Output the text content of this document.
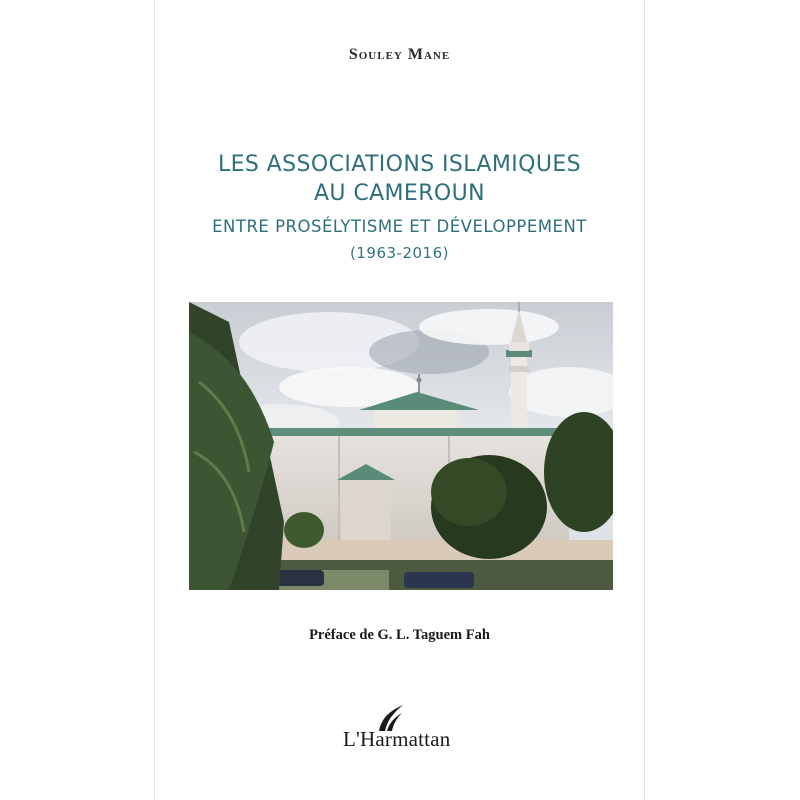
Souley Mane
LES ASSOCIATIONS ISLAMIQUES
AU CAMEROUN
ENTRE PROSÉLYTISME ET DÉVELOPPEMENT
(1963-2016)
Préface de G. L. Taguem Fah
L'Harmattan
